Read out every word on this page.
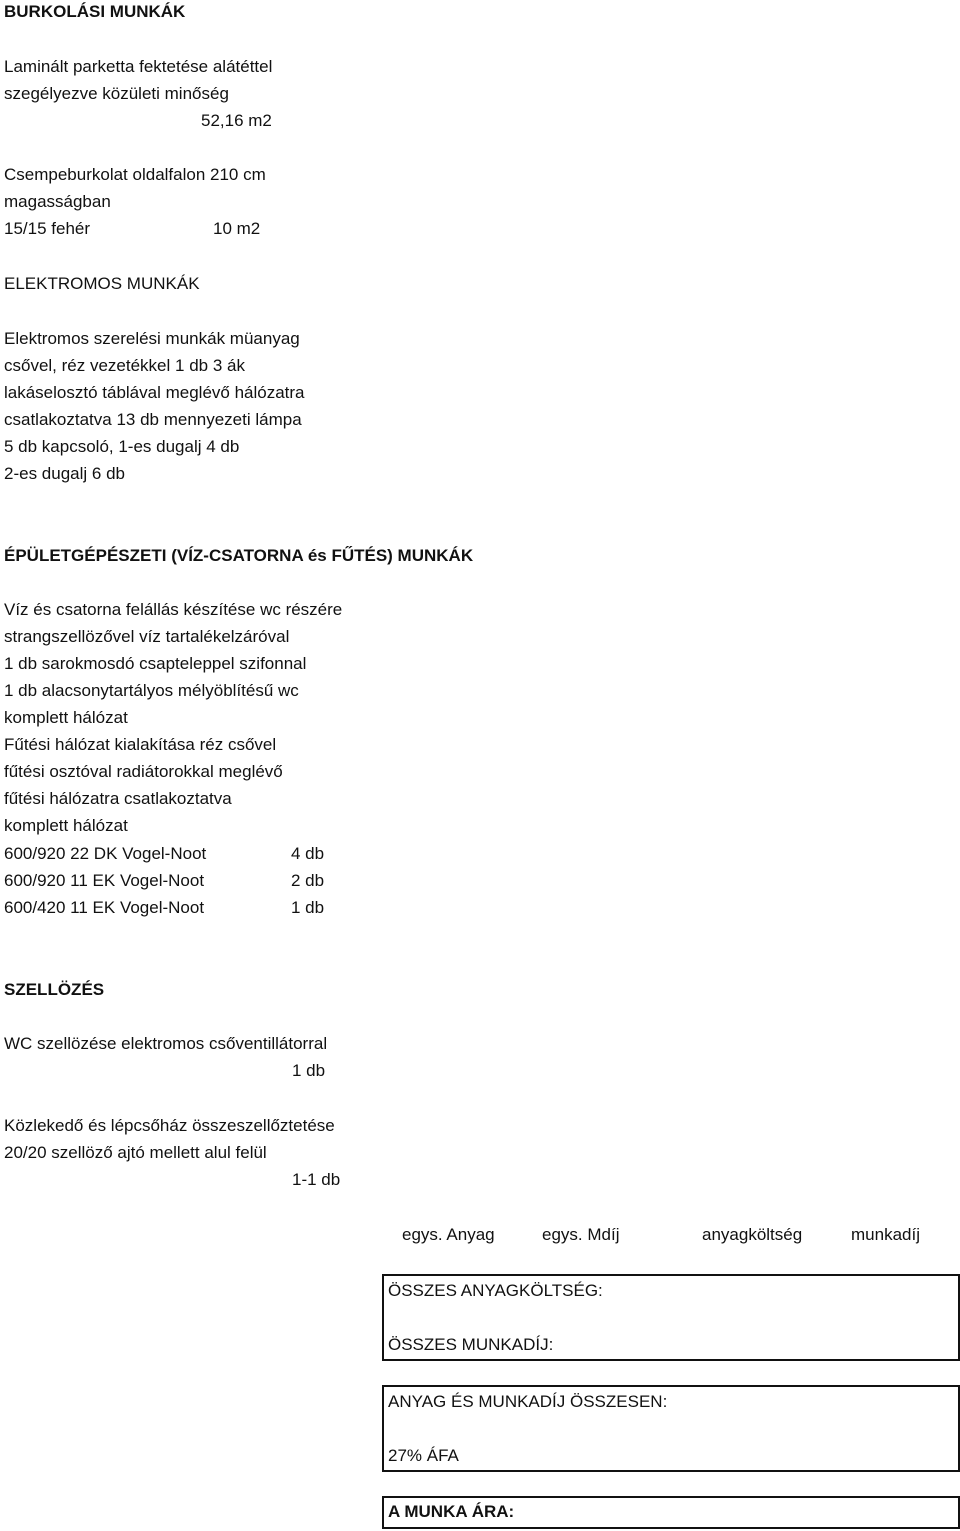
BURKOLÁSI MUNKÁK
Laminált parketta fektetése alátéttel
szegélyezve közületi minőség
52,16 m2
Csempeburkolat oldalfalon 210 cm
magasságban
15/15 fehér	10 m2
ELEKTROMOS MUNKÁK
Elektromos szerelési munkák müanyag
csővel, réz vezetékkel 1 db 3 ák
lakáselosztó táblával meglévő hálózatra
csatlakoztatva 13 db mennyezeti lámpa
5 db kapcsoló, 1-es dugalj 4 db
2-es dugalj 6 db
ÉPÜLETGÉPÉSZETI (VÍZ-CSATORNA és FŰTÉS) MUNKÁK
Víz és csatorna felállás készítése wc részére
strangszellözővel víz tartalékelzáróval
1 db sarokmosdó csapteleppel szifonnal
1 db alacsonytartályos mélyöblítésű wc
komplett hálózat
Fűtési hálózat kialakítása réz csővel
fűtési osztóval radiátorokkal meglévő
fűtési hálózatra csatlakoztatva
komplett hálózat
600/920 22 DK Vogel-Noot	4 db
600/920 11 EK Vogel-Noot	2 db
600/420 11 EK Vogel-Noot	1 db
SZELLÖZÉS
WC szellözése elektromos csőventillátorral
1 db
Közlekedő és lépcsőház összeszellőztetése
20/20 szellöző ajtó mellett alul felül
1-1 db
egys. Anyag	egys. Mdíj	anyagköltség	munkadíj
ÖSSZES ANYAGKÖLTSÉG:
ÖSSZES MUNKADÍJ:
ANYAG ÉS MUNKADÍJ ÖSSZESEN:
27% ÁFA
A MUNKA ÁRA:
